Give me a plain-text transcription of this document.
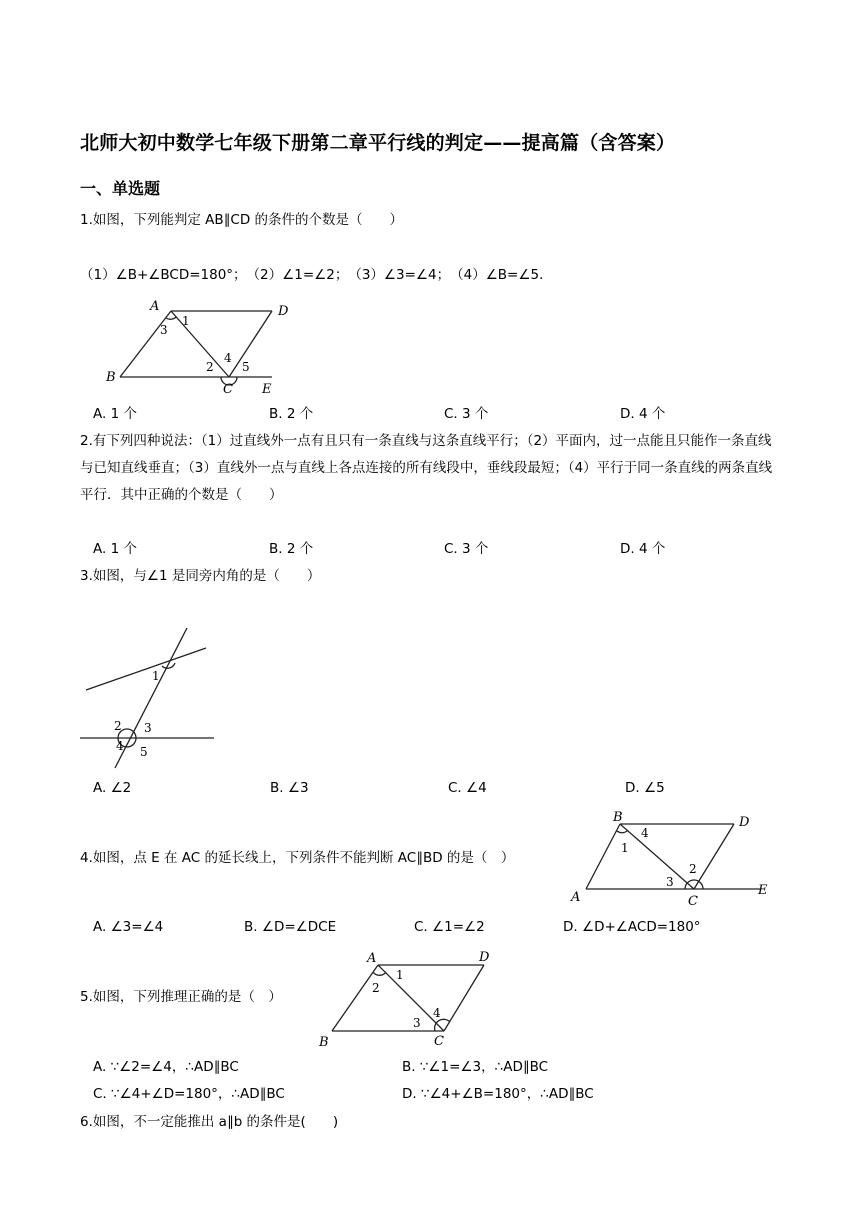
北师大初中数学七年级下册第二章平行线的判定——提高篇（含答案）
一、单选题
1.如图，下列能判定 AB∥CD 的条件的个数是（　　）
（1）∠B+∠BCD=180°；　（2）∠1=∠2；　（3）∠3=∠4；　（4）∠B=∠5．
A	D
B
C E
1
2
3
4
5
A. 1 个	B. 2 个	C. 3 个	D. 4 个
2.有下列四种说法：（1）过直线外一点有且只有一条直线与这条直线平行；（2）平面内，过一点能且只能作一条直线与已知直线垂直；（3）直线外一点与直线上各点连接的所有线段中，垂线段最短；（4）平行于同一条直线的两条直线平行．其中正确的个数是（　　）
A. 1 个	B. 2 个	C. 3 个	D. 4 个
3.如图，与∠1 是同旁内角的是（　　）
1
2 3
4 5
A. ∠2	B. ∠3	C. ∠4	D. ∠5
B	D
A	C
E
1
2
3
4
4.如图，点 E 在 AC 的延长线上，下列条件不能判断 AC∥BD 的是（　）
A. ∠3=∠4	B. ∠D=∠DCE	C. ∠1=∠2	D. ∠D+∠ACD=180°
A	D
B	C
1
2
3
4
5.如图，下列推理正确的是（　）
A. ∵∠2=∠4，∴AD∥BC	B. ∵∠1=∠3，∴AD∥BC
C. ∵∠4+∠D=180°，∴AD∥BC	D. ∵∠4+∠B=180°，∴AD∥BC
6.如图，不一定能推出 a∥b 的条件是(　　)
